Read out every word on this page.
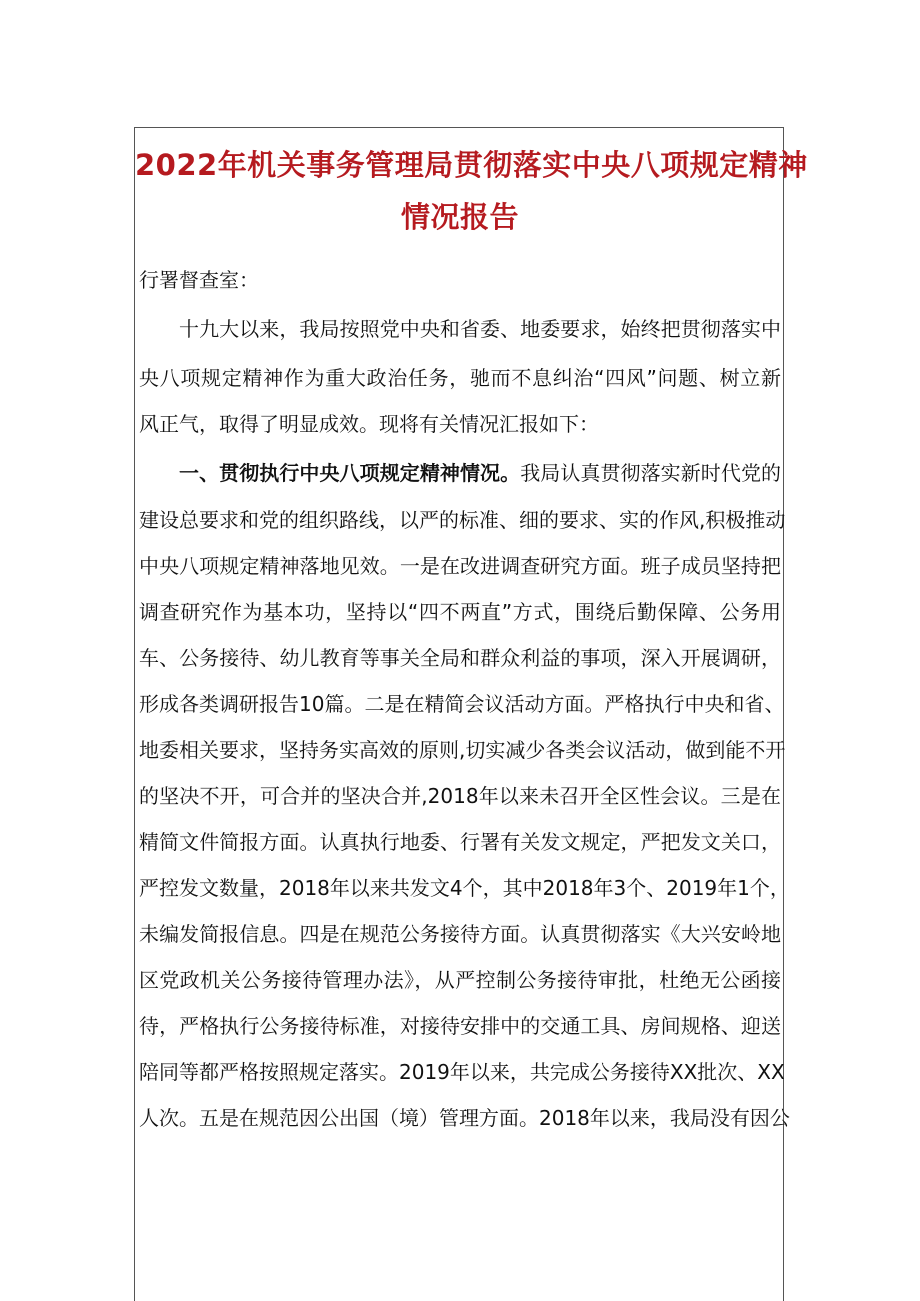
2022年机关事务管理局贯彻落实中央八项规定精神
情况报告
行署督查室：
十九大以来，我局按照党中央和省委、地委要求，始终把贯彻落实中
央八项规定精神作为重大政治任务，驰而不息纠治“四风”问题、树立新
风正气，取得了明显成效。现将有关情况汇报如下：
一、贯彻执行中央八项规定精神情况。我局认真贯彻落实新时代党的
建设总要求和党的组织路线，以严的标准、细的要求、实的作风,积极推动
中央八项规定精神落地见效。一是在改进调查研究方面。班子成员坚持把
调查研究作为基本功，坚持以“四不两直”方式，围绕后勤保障、公务用
车、公务接待、幼儿教育等事关全局和群众利益的事项，深入开展调研，
形成各类调研报告10篇。二是在精简会议活动方面。严格执行中央和省、
地委相关要求，坚持务实高效的原则,切实减少各类会议活动，做到能不开
的坚决不开，可合并的坚决合并,2018年以来未召开全区性会议。三是在
精简文件简报方面。认真执行地委、行署有关发文规定，严把发文关口，
严控发文数量，2018年以来共发文4个，其中2018年3个、2019年1个，
未编发简报信息。四是在规范公务接待方面。认真贯彻落实《大兴安岭地
区党政机关公务接待管理办法》，从严控制公务接待审批，杜绝无公函接
待，严格执行公务接待标准，对接待安排中的交通工具、房间规格、迎送
陪同等都严格按照规定落实。2019年以来，共完成公务接待XX批次、XX
人次。五是在规范因公出国（境）管理方面。2018年以来，我局没有因公
